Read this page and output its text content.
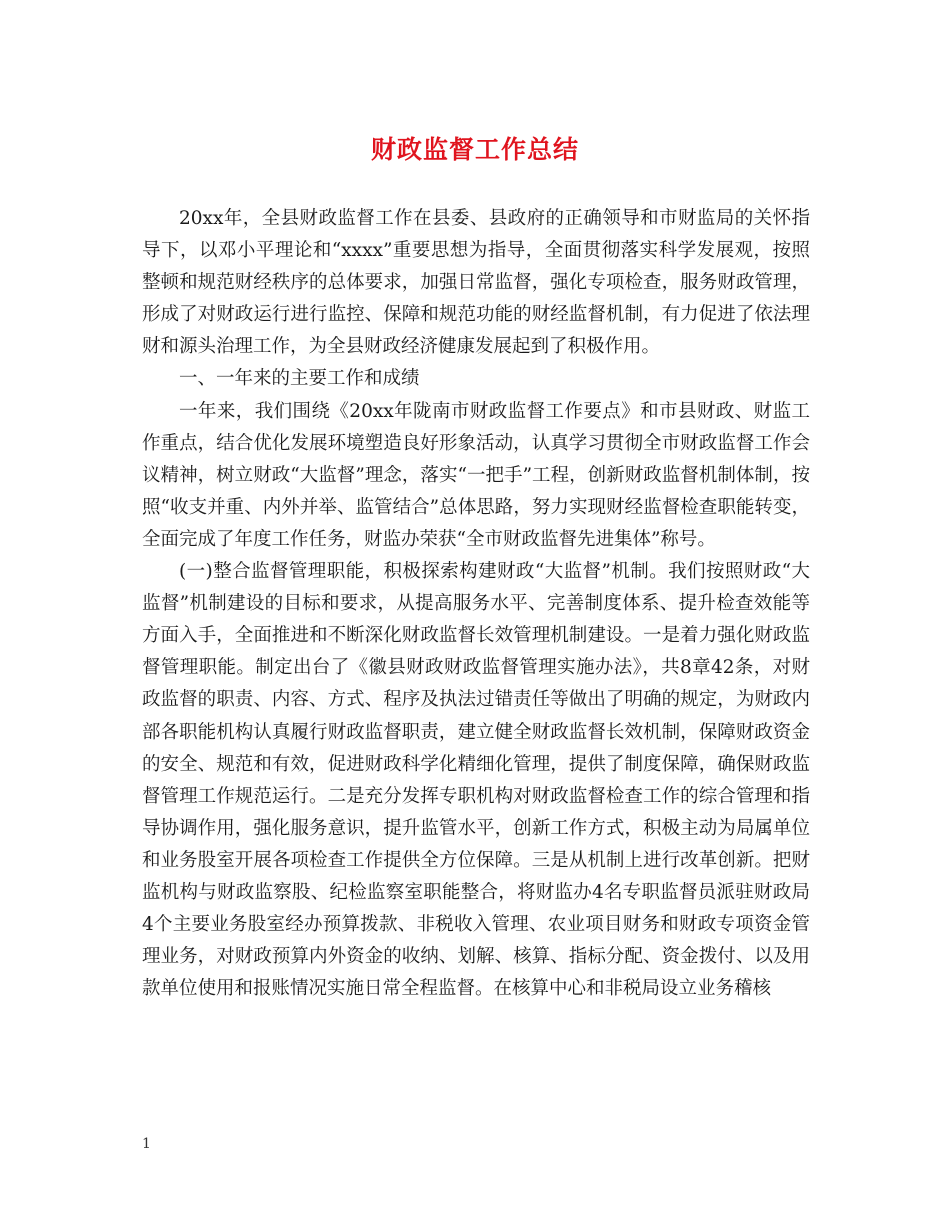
财政监督工作总结

20xx年，全县财政监督工作在县委、县政府的正确领导和市财监局的关怀指导下，以邓小平理论和“xxxx”重要思想为指导，全面贯彻落实科学发展观，按照整顿和规范财经秩序的总体要求，加强日常监督，强化专项检查，服务财政管理，形成了对财政运行进行监控、保障和规范功能的财经监督机制，有力促进了依法理财和源头治理工作，为全县财政经济健康发展起到了积极作用。

一、一年来的主要工作和成绩

一年来，我们围绕《20xx年陇南市财政监督工作要点》和市县财政、财监工作重点，结合优化发展环境塑造良好形象活动，认真学习贯彻全市财政监督工作会议精神，树立财政“大监督”理念，落实“一把手”工程，创新财政监督机制体制，按照“收支并重、内外并举、监管结合”总体思路，努力实现财经监督检查职能转变，全面完成了年度工作任务，财监办荣获“全市财政监督先进集体”称号。

(一)整合监督管理职能，积极探索构建财政“大监督”机制。我们按照财政“大监督”机制建设的目标和要求，从提高服务水平、完善制度体系、提升检查效能等方面入手，全面推进和不断深化财政监督长效管理机制建设。一是着力强化财政监督管理职能。制定出台了《徽县财政财政监督管理实施办法》，共8章42条，对财政监督的职责、内容、方式、程序及执法过错责任等做出了明确的规定，为财政内部各职能机构认真履行财政监督职责，建立健全财政监督长效机制，保障财政资金的安全、规范和有效，促进财政科学化精细化管理，提供了制度保障，确保财政监督管理工作规范运行。二是充分发挥专职机构对财政监督检查工作的综合管理和指导协调作用，强化服务意识，提升监管水平，创新工作方式，积极主动为局属单位和业务股室开展各项检查工作提供全方位保障。三是从机制上进行改革创新。把财监机构与财政监察股、纪检监察室职能整合，将财监办4名专职监督员派驻财政局4个主要业务股室经办预算拨款、非税收入管理、农业项目财务和财政专项资金管理业务，对财政预算内外资金的收纳、划解、核算、指标分配、资金拨付、以及用款单位使用和报账情况实施日常全程监督。在核算中心和非税局设立业务稽核

1
